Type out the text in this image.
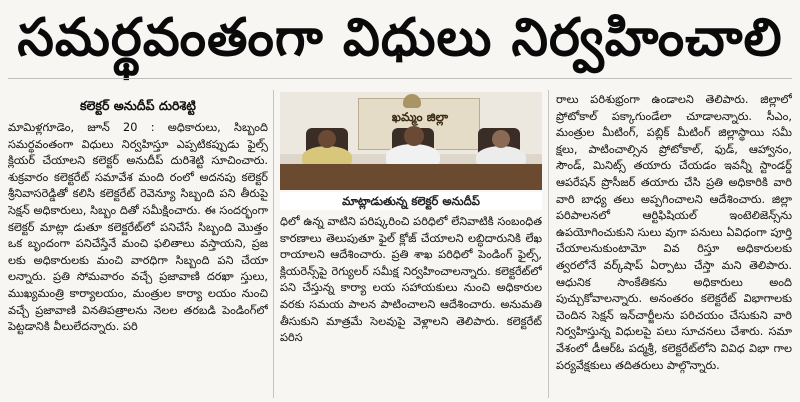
సమర్థవంతంగా విధులు నిర్వహించాలి
కలెక్టర్ అనుదీప్ దురిశెట్టి

మామిళ్లగూడెం, జూన్ 20 : అధికారులు, సిబ్బంది సమర్థవంతంగా విధులు నిర్వహిస్తూ ఎప్పటికప్పుడు ఫైల్స్ క్లియర్ చేయాలని కలెక్టర్ అనుదీప్ దురిశెట్టి సూచించారు. శుక్రవారం కలెక్టరేట్ సమావేశ మంది రంలో అదనపు కలెక్టర్ శ్రీనివాసరెడ్డితో కలిసి కలెక్టరేట్ రెవెన్యూ సిబ్బంది పని తీరుపై సెక్షన్ అధికారులు, సిబ్బం దితో సమీక్షించారు. ఈ సందర్భంగా కలెక్టర్ మాట్లా డుతూ కలెక్టరేట్‌లో పనిచేసే సిబ్బంది మొత్తం ఒక బృందంగా పనిచేస్తేనే మంచి ఫలితాలు వస్తాయని, ప్రజ లకు అధికారులకు మంచి వారధిగా సిబ్బంది పని చేయా లన్నారు. ప్రతి సోమవారం వచ్చే ప్రజావాణి దరఖా స్తులు, ముఖ్యమంత్రి కార్యాలయం, మంత్రుల కార్యా లయం నుంచి వచ్చే ప్రజావాణి వినతిపత్రాలను నెలల తరబడి పెండింగ్‌లో పెట్టడానికి వీలులేదన్నారు. పరి

ఖమ్మం జిల్లా
మాట్లాడుతున్న కలెక్టర్ అనుదీప్

ధిలో ఉన్న వాటిని పరిష్కరించి పరిధిలో లేనివాటికి సంబంధిత కారణాలు తెలుపుతూ ఫైల్ క్లోజ్ చేయాలని లబ్ధిదారునికి లేఖ రాయాలని ఆదేశించారు. ప్రతి శాఖ పరిధిలో పెండింగ్ ఫైల్స్, క్లియరెన్స్‌పై రెగ్యులర్ సమీక్ష నిర్వహించాలన్నారు. కలెక్టరేట్‌లో పని చేస్తున్న కార్యా లయ సహాయకులు నుంచి అధికారుల వరకు సమయ పాలన పాటించాలని ఆదేశించారు. అనుమతి తీసుకుని మాత్రమే సెలవుపై వెళ్లాలని తెలిపారు. కలెక్టరేట్ పరిస

రాలు పరిశుభ్రంగా ఉండాలని తెలిపారు. జిల్లాలో ప్రోటోకాల్ పక్కాగుండేలా చూడాలన్నారు. సీఎం, మంత్రుల మీటింగ్, పబ్లిక్ మీటింగ్ జిల్లాస్థాయి సమీ క్షలు, పాటించాల్సిన ప్రోటోకాల్, ఫుడ్, ఆహ్వానం, సౌండ్, మినిట్స్ తయారు చేయడం ఇవన్నీ స్టాండర్డ్ ఆపరేషన్ ప్రొసీజర్ తయారు చేసి ప్రతి అధికారికి వారి వారి బాధ్య తలు అప్పగించాలని ఆదేశించారు. జిల్లా పరిపాలనలో ఆర్టిఫిషియల్ ఇంటెలిజెన్స్‌ను ఉపయోగించుకుని సులు వుగా పనులు ఏవిధంగా పూర్తి చేయాలనుకుంటామో వివ రిస్తూ అధికారులకు త్వరలోనే వర్క్‌షాప్ ఏర్పాటు చేస్తా మని తెలిపారు. ఆధునిక సాంకేతికను అధికారులు అంది పుచ్చుకోవాలన్నారు. అనంతరం కలెక్టరేట్ విభాగాలకు చెందిన సెక్షన్ ఇన్‌చార్జీలను పరిచయం చేసుకుని వారి నిర్వహిస్తున్న విధులపై పలు సూచనలు చేశారు. సమా వేశంలో డీఆర్‌ఓ పద్మశ్రీ, కలెక్టరేట్‌లోని వివిధ విభా గాల పర్యవేక్షకులు తదితరులు పాల్గొన్నారు.
